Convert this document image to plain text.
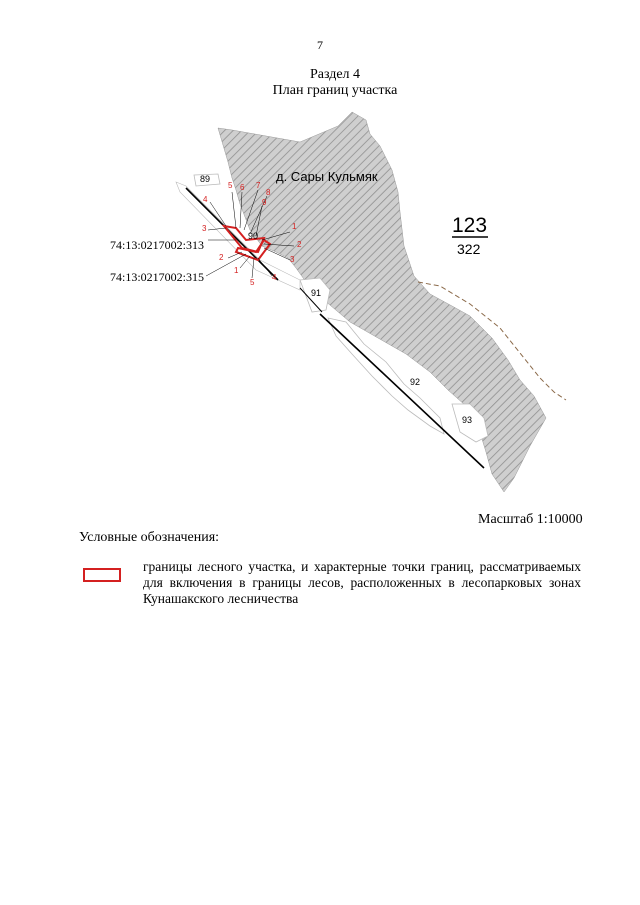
7
Раздел 4
План границ участка
д. Сары Кульмяк
123
322
89
90
91
92
93
74:13:0217002:313
74:13:0217002:315
5 6 7
8
9
4
3	1
2
3
2
1
5
4
Масштаб 1:10000
Условные обозначения:
границы лесного участка, и характерные точки границ, рассматриваемых для включения в границы лесов, расположенных в лесопарковых зонах Кунашакского лесничества
